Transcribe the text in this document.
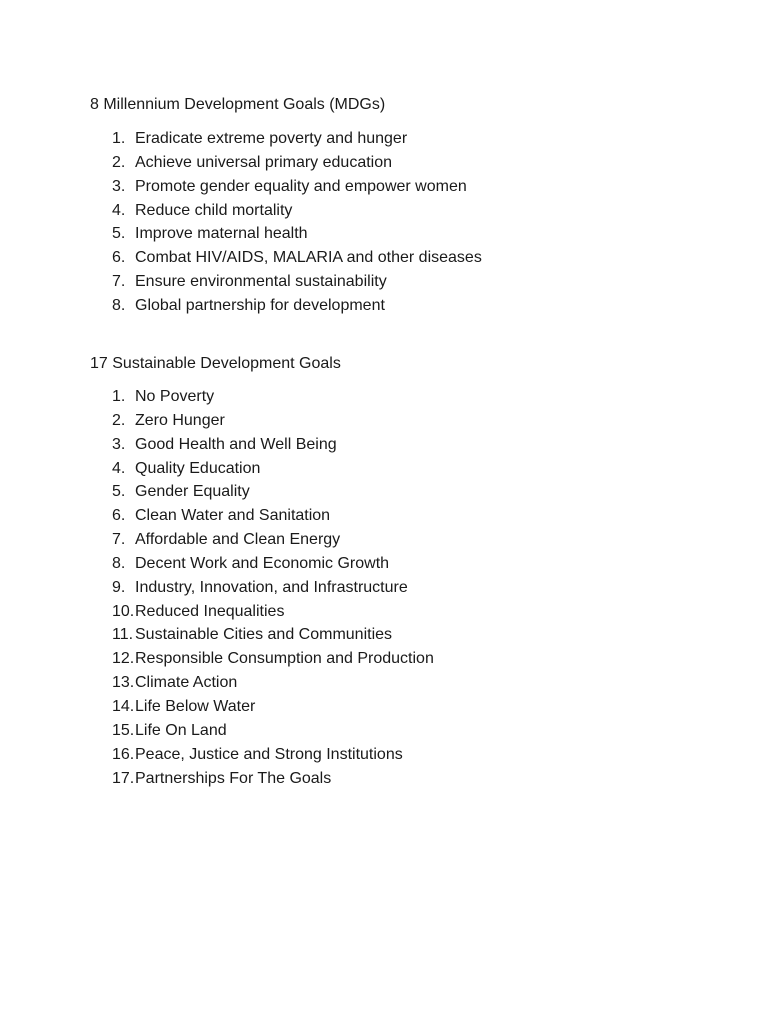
8 Millennium Development Goals (MDGs)
1. Eradicate extreme poverty and hunger
2. Achieve universal primary education
3. Promote gender equality and empower women
4. Reduce child mortality
5. Improve maternal health
6. Combat HIV/AIDS, MALARIA and other diseases
7. Ensure environmental sustainability
8. Global partnership for development
17 Sustainable Development Goals
1. No Poverty
2. Zero Hunger
3. Good Health and Well Being
4. Quality Education
5. Gender Equality
6. Clean Water and Sanitation
7. Affordable and Clean Energy
8. Decent Work and Economic Growth
9. Industry, Innovation, and Infrastructure
10. Reduced Inequalities
11. Sustainable Cities and Communities
12. Responsible Consumption and Production
13. Climate Action
14. Life Below Water
15. Life On Land
16. Peace, Justice and Strong Institutions
17. Partnerships For The Goals
